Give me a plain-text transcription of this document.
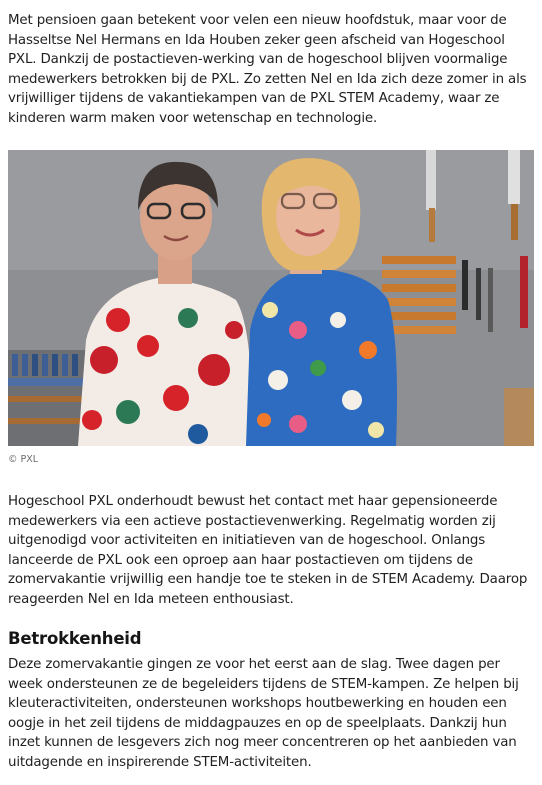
Met pensioen gaan betekent voor velen een nieuw hoofdstuk, maar voor de Hasseltse Nel Hermans en Ida Houben zeker geen afscheid van Hogeschool PXL. Dankzij de postactieven-werking van de hogeschool blijven voormalige medewerkers betrokken bij de PXL. Zo zetten Nel en Ida zich deze zomer in als vrijwilliger tijdens de vakantiekampen van de PXL STEM Academy, waar ze kinderen warm maken voor wetenschap en technologie.

© PXL

Hogeschool PXL onderhoudt bewust het contact met haar gepensioneerde medewerkers via een actieve postactievenwerking. Regelmatig worden zij uitgenodigd voor activiteiten en initiatieven van de hogeschool. Onlangs lanceerde de PXL ook een oproep aan haar postactieven om tijdens de zomervakantie vrijwillig een handje toe te steken in de STEM Academy. Daarop reageerden Nel en Ida meteen enthousiast.

Betrokkenheid

Deze zomervakantie gingen ze voor het eerst aan de slag. Twee dagen per week ondersteunen ze de begeleiders tijdens de STEM-kampen. Ze helpen bij kleuteractiviteiten, ondersteunen workshops houtbewerking en houden een oogje in het zeil tijdens de middagpauzes en op de speelplaats. Dankzij hun inzet kunnen de lesgevers zich nog meer concentreren op het aanbieden van uitdagende en inspirerende STEM-activiteiten.
